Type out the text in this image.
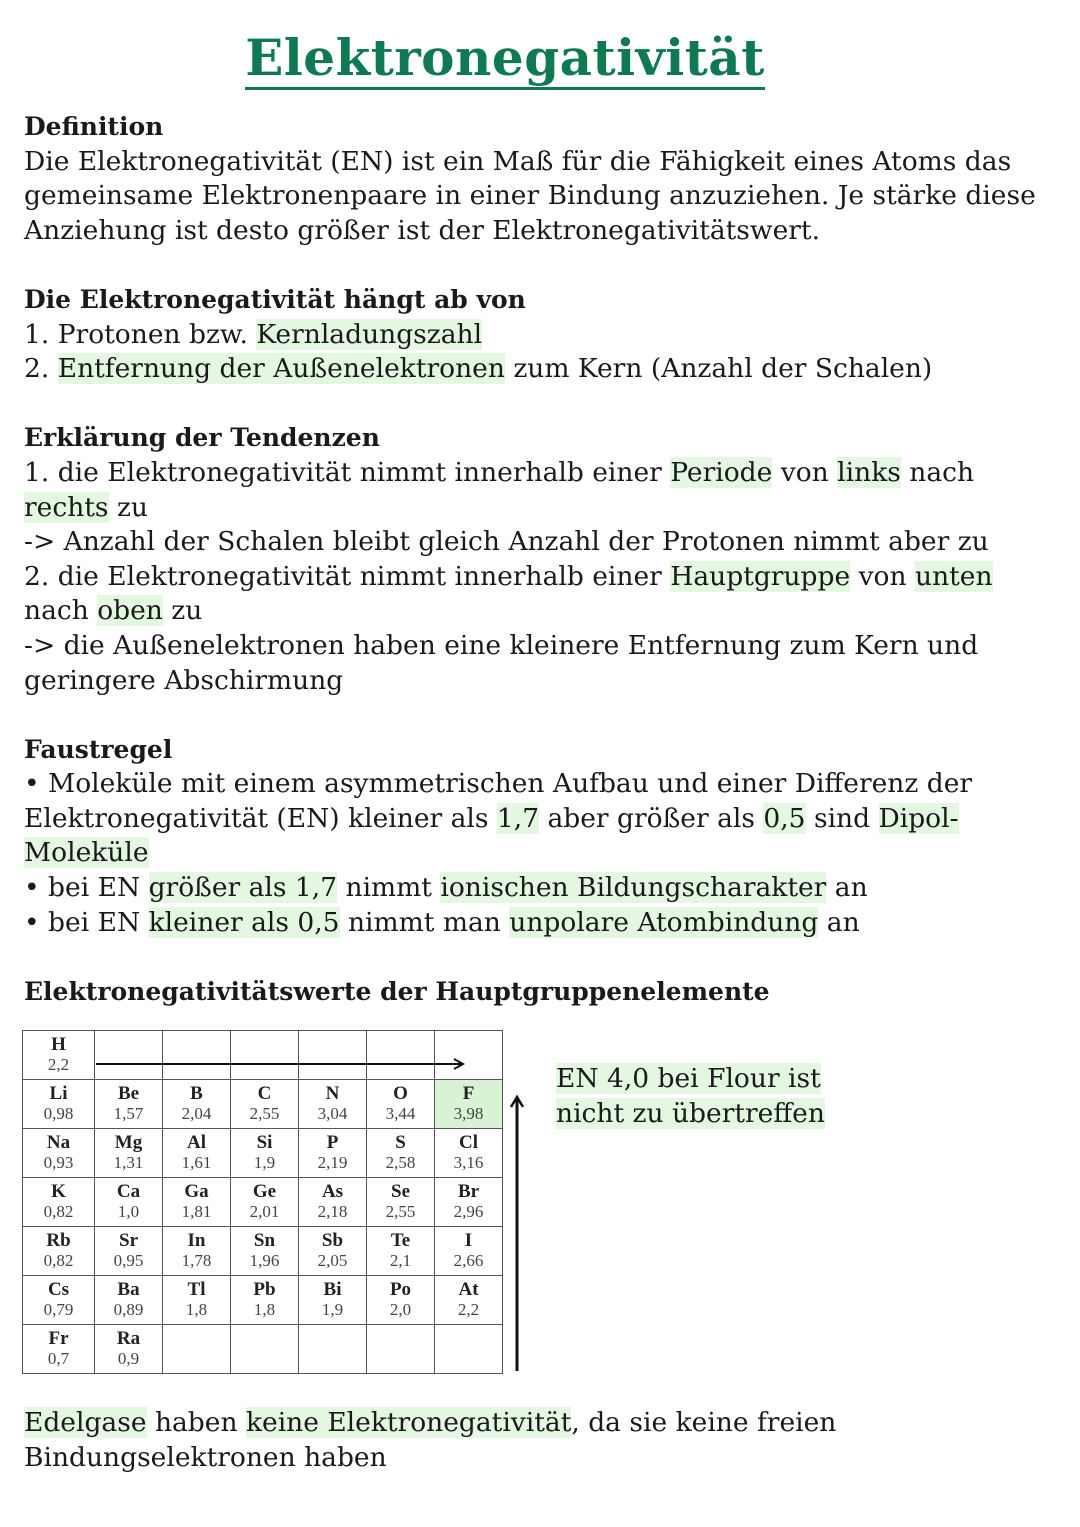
Elektronegativität

Definition

Die Elektronegativität (EN) ist ein Maß für die Fähigkeit eines Atoms das gemeinsame Elektronenpaare in einer Bindung anzuziehen. Je stärke diese Anziehung ist desto größer ist der Elektronegativitätswert.

Die Elektronegativität hängt ab von

1. Protonen bzw. Kernladungszahl

2. Entfernung der Außenelektronen zum Kern (Anzahl der Schalen)

Erklärung der Tendenzen

1. die Elektronegativität nimmt innerhalb einer Periode von links nach rechts zu

-> Anzahl der Schalen bleibt gleich Anzahl der Protonen nimmt aber zu

2. die Elektronegativität nimmt innerhalb einer Hauptgruppe von unten nach oben zu

-> die Außenelektronen haben eine kleinere Entfernung zum Kern und geringere Abschirmung

Faustregel

• Moleküle mit einem asymmetrischen Aufbau und einer Differenz der Elektronegativität (EN) kleiner als 1,7 aber größer als 0,5 sind Dipol-Moleküle

• bei EN größer als 1,7 nimmt ionischen Bildungscharakter an

• bei EN kleiner als 0,5 nimmt man unpolare Atombindung an

Elektronegativitätswerte der Hauptgruppenelemente

H
2,2						

Li
0,98	Be
1,57	B
2,04	C
2,55	N
3,04	O
3,44	F
3,98

Na
0,93	Mg
1,31	Al
1,61	Si
1,9	P
2,19	S
2,58	Cl
3,16

K
0,82	Ca
1,0	Ga
1,81	Ge
2,01	As
2,18	Se
2,55	Br
2,96

Rb
0,82	Sr
0,95	In
1,78	Sn
1,96	Sb
2,05	Te
2,1	I
2,66

Cs
0,79	Ba
0,89	Tl
1,8	Pb
1,8	Bi
1,9	Po
2,0	At
2,2

Fr
0,7	Ra
0,9					

EN 4,0 bei Flour ist

nicht zu übertreffen

Edelgase haben keine Elektronegativität, da sie keine freien Bindungselektronen haben
